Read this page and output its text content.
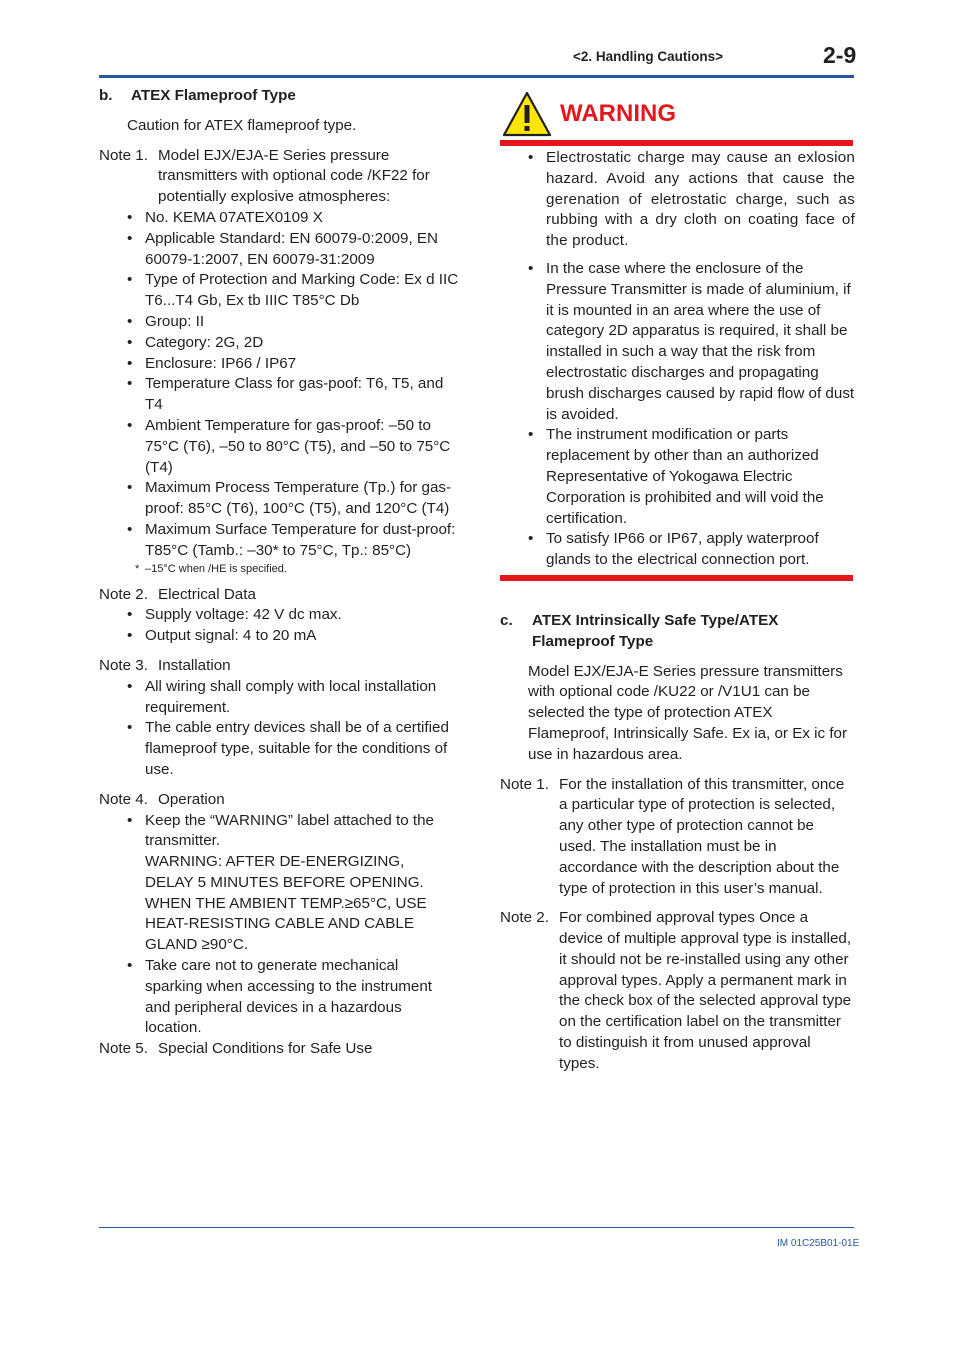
<2. Handling Cautions>	2-9
b.	ATEX Flameproof Type
Caution for ATEX flameproof type.
Note 1. Model EJX/EJA-E Series pressure transmitters with optional code /KF22 for potentially explosive atmospheres:
• No. KEMA 07ATEX0109 X
• Applicable Standard: EN 60079-0:2009, EN 60079-1:2007, EN 60079-31:2009
• Type of Protection and Marking Code: Ex d IIC T6...T4 Gb, Ex tb IIIC T85°C Db
• Group: II
• Category: 2G, 2D
• Enclosure: IP66 / IP67
• Temperature Class for gas-poof: T6, T5, and T4
• Ambient Temperature for gas-proof: –50 to 75°C (T6), –50 to 80°C (T5), and –50 to 75°C (T4)
• Maximum Process Temperature (Tp.) for gas-proof: 85°C (T6), 100°C (T5), and 120°C (T4)
• Maximum Surface Temperature for dust-proof: T85°C (Tamb.: –30* to 75°C, Tp.: 85°C)
* –15°C when /HE is specified.
Note 2. Electrical Data
• Supply voltage: 42 V dc max.
• Output signal: 4 to 20 mA
Note 3. Installation
• All wiring shall comply with local installation requirement.
• The cable entry devices shall be of a certified flameproof type, suitable for the conditions of use.
Note 4. Operation
• Keep the “WARNING” label attached to the transmitter.
WARNING: AFTER DE-ENERGIZING,
DELAY 5 MINUTES BEFORE OPENING.
WHEN THE AMBIENT TEMP.≥65°C, USE
HEAT-RESISTING CABLE AND CABLE
GLAND ≥90°C.
• Take care not to generate mechanical sparking when accessing to the instrument and peripheral devices in a hazardous location.
Note 5. Special Conditions for Safe Use
WARNING
• Electrostatic charge may cause an exlosion hazard. Avoid any actions that cause the gerenation of eletrostatic charge, such as rubbing with a dry cloth on coating face of the product.
• In the case where the enclosure of the Pressure Transmitter is made of aluminium, if it is mounted in an area where the use of category 2D apparatus is required, it shall be installed in such a way that the risk from electrostatic discharges and propagating brush discharges caused by rapid flow of dust is avoided.
• The instrument modification or parts replacement by other than an authorized Representative of Yokogawa Electric Corporation is prohibited and will void the certification.
• To satisfy IP66 or IP67, apply waterproof glands to the electrical connection port.
c.	ATEX Intrinsically Safe Type/ATEX
Flameproof Type
Model EJX/EJA-E Series pressure transmitters with optional code /KU22 or /V1U1 can be selected the type of protection ATEX Flameproof, Intrinsically Safe. Ex ia, or Ex ic for use in hazardous area.
Note 1. For the installation of this transmitter, once a particular type of protection is selected, any other type of protection cannot be used. The installation must be in accordance with the description about the type of protection in this user’s manual.
Note 2. For combined approval types Once a device of multiple approval type is installed, it should not be re-installed using any other approval types. Apply a permanent mark in the check box of the selected approval type on the certification label on the transmitter to distinguish it from unused approval types.
IM 01C25B01-01E
